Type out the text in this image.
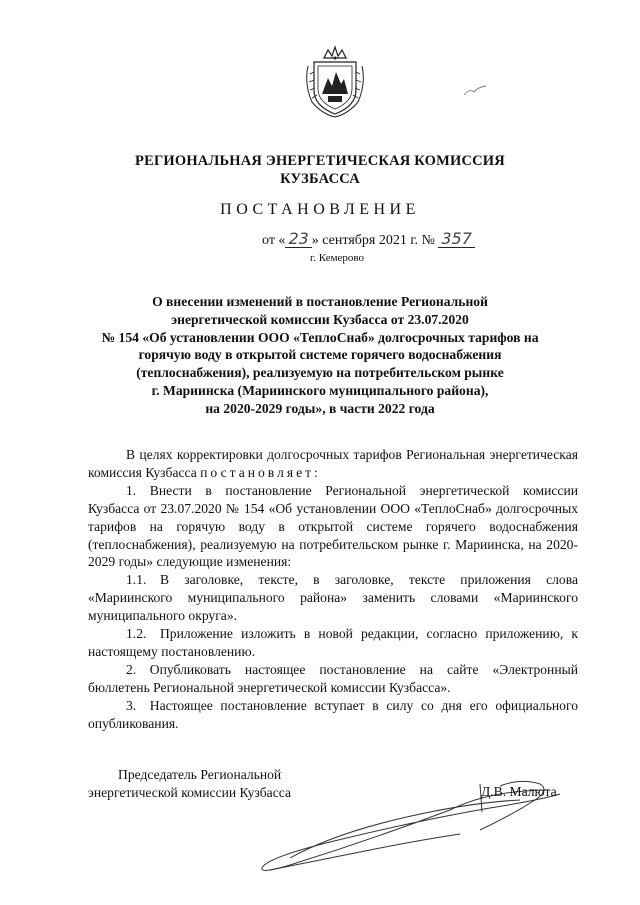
РЕГИОНАЛЬНАЯ ЭНЕРГЕТИЧЕСКАЯ КОМИССИЯ
КУЗБАССА
ПОСТАНОВЛЕНИЕ
от « 23 » сентября 2021 г. № 357
г. Кемерово
О внесении изменений в постановление Региональной
энергетической комиссии Кузбасса от 23.07.2020
№ 154 «Об установлении ООО «ТеплоСнаб» долгосрочных тарифов на
горячую воду в открытой системе горячего водоснабжения
(теплоснабжения), реализуемую на потребительском рынке
г. Мариинска (Мариинского муниципального района),
на 2020-2029 годы», в части 2022 года

В целях корректировки долгосрочных тарифов Региональная энергетическая комиссия Кузбасса постановляет:

1. Внести в постановление Региональной энергетической комиссии Кузбасса от 23.07.2020 № 154 «Об установлении ООО «ТеплоСнаб» долгосрочных тарифов на горячую воду в открытой системе горячего водоснабжения (теплоснабжения), реализуемую на потребительском рынке г. Мариинска, на 2020-2029 годы» следующие изменения:

1.1. В заголовке, тексте, в заголовке, тексте приложения слова «Мариинского муниципального района» заменить словами «Мариинского муниципального округа».

1.2. Приложение изложить в новой редакции, согласно приложению, к настоящему постановлению.

2. Опубликовать настоящее постановление на сайте «Электронный бюллетень Региональной энергетической комиссии Кузбасса».

3. Настоящее постановление вступает в силу со дня его официального опубликования.

Председатель Региональной
энергетической комиссии Кузбасса	Д.В. Малюта
